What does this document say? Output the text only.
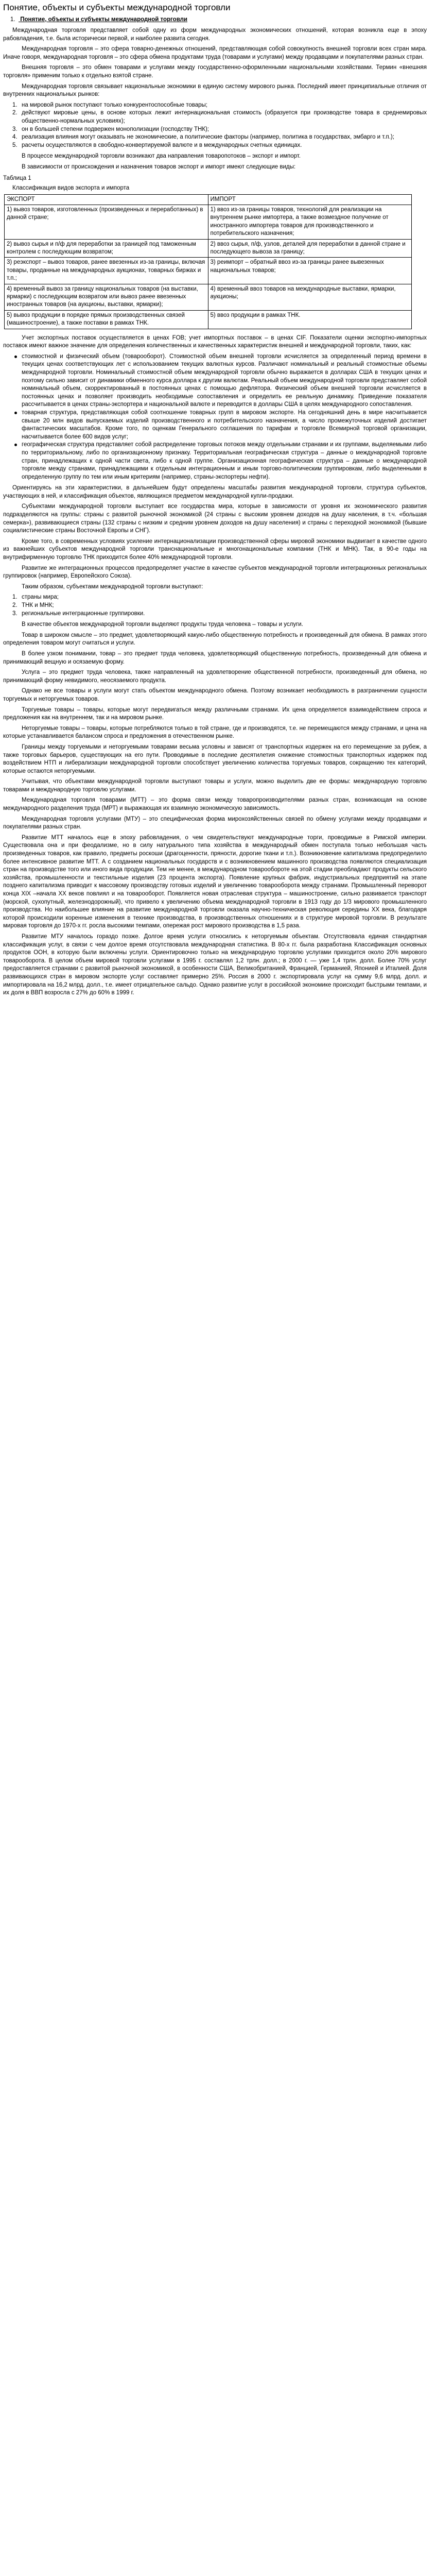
Понятие, объекты и субъекты международной торговли
1. Понятие, объекты и субъекты международной торговли

Международная торговля представляет собой одну из форм международных экономических отношений, которая возникла еще в эпоху рабовладения, т.е. была исторически первой, и наиболее развита сегодня.

Международная торговля – это сфера товарно-денежных отношений, представляющая собой совокупность внешней торговли всех стран мира. Иначе говоря, международная торговля – это сфера обмена продуктами труда (товарами и услугами) между продавцами и покупателями разных стран.

Внешняя торговля – это обмен товарами и услугами между государственно-оформленными национальными хозяйствами. Термин «внешняя торговля» применим только к отдельно взятой стране.

Международная торговля связывает национальные экономики в единую систему мирового рынка. Последний имеет принципиальные отличия от внутренних национальных рынков:

1. на мировой рынок поступают только конкурентоспособные товары;
2. действуют мировые цены, в основе которых лежит интернациональная стоимость (образуется при производстве товара в среднемировых общественно-нормальных условиях);
3. он в большей степени подвержен монополизации (господству ТНК);
4. реализация влияния могут оказывать не экономические, а политические факторы (например, политика в государствах, эмбарго и т.п.);
5. расчеты осуществляются в свободно-конвертируемой валюте и в международных счетных единицах.

В процессе международной торговли возникают два направления товаропотоков – экспорт и импорт.

В зависимости от происхождения и назначения товаров экспорт и импорт имеют следующие виды:

Таблица 1
Классификация видов экспорта и импорта
ЭКСПОРТ	ИМПОРТ
1) вывоз товаров, изготовленных (произведенных и переработанных) в данной стране;	1) ввоз из-за границы товаров, технологий для реализации на внутреннем рынке импортера, а также возмездное получение от иностранного импортера товаров для производственного и потребительского назначения;
2) вывоз сырья и п/ф для переработки за границей под таможенным контролем с последующим возвратом;	2) ввоз сырья, п/ф, узлов, деталей для переработки в данной стране и последующего вывоза за границу;
3) реэкспорт – вывоз товаров, ранее ввезенных из-за границы, включая товары, проданные на международных аукционах, товарных биржах и т.п.;	3) реимпорт – обратный ввоз из-за границы ранее вывезенных национальных товаров;
4) временный вывоз за границу национальных товаров (на выставки, ярмарки) с последующим возвратом или вывоз ранее ввезенных иностранных товаров (на аукционы, выставки, ярмарки);	4) временный ввоз товаров на международные выставки, ярмарки, аукционы;
5) вывоз продукции в порядке прямых производственных связей (машиностроение), а также поставки в рамках ТНК.	5) ввоз продукции в рамках ТНК.

Учет экспортных поставок осуществляется в ценах FOB; учет импортных поставок – в ценах CIF. Показатели оценки экспортно-импортных поставок имеют важное значение для определения количественных и качественных характеристик внешней и международной торговли, таких, как:

стоимостной и физический объем (товарооборот). Стоимостной объем внешней торговли исчисляется за определенный период времени в текущих ценах соответствующих лет с использованием текущих валютных курсов. Различают номинальный и реальный стоимостные объемы международной торговли. Номинальный стоимостной объем международной торговли обычно выражается в долларах США в текущих ценах и поэтому сильно зависит от динамики обменного курса доллара к другим валютам. Реальный объем международной торговли представляет собой номинальный объем, скорректированный в постоянных ценах с помощью дефлятора. Физический объем внешней торговли исчисляется в постоянных ценах и позволяет производить необходимые сопоставления и определить ее реальную динамику. Приведение показателя рассчитывается в ценах страны-экспортера и национальной валюте и переводится в доллары США в целях международного сопоставления.
товарная структура, представляющая собой соотношение товарных групп в мировом экспорте. На сегодняшний день в мире насчитывается свыше 20 млн видов выпускаемых изделий производственного и потребительского назначения, а число промежуточных изделий достигает фантастических масштабов. Кроме того, по оценкам Генерального соглашения по тарифам и торговле Всемирной торговой организации, насчитывается более 600 видов услуг;
географическая структура представляет собой распределение торговых потоков между отдельными странами и их группами, выделяемыми либо по территориальному, либо по организационному признаку. Территориальная географическая структура – данные о международной торговле стран, принадлежащих к одной части света, либо к одной группе. Организационная географическая структура – данные о международной торговле между странами, принадлежащими к отдельным интеграционным и иным торгово-политическим группировкам, либо выделенными в определенную группу по тем или иным критериям (например, страны-экспортеры нефти).

Ориентируясь на эти характеристики, в дальнейшем будут определены масштабы развития международной торговли, структура субъектов, участвующих в ней, и классификация объектов, являющихся предметом международной купли-продажи.

Субъектами международной торговли выступает все государства мира, которые в зависимости от уровня их экономического развития подразделяются на группы: страны с развитой рыночной экономикой (24 страны с высоким уровнем доходов на душу населения, в т.ч. «большая семерка»), развивающиеся страны (132 страны с низким и средним уровнем доходов на душу населения) и страны с переходной экономикой (бывшие социалистические страны Восточной Европы и СНГ).

Кроме того, в современных условиях усиление интернационализации производственной сферы мировой экономики выдвигает в качестве одного из важнейших субъектов международной торговли транснациональные и многонациональные компании (ТНК и МНК). Так, в 90-е годы на внутрифирменную торговлю ТНК приходится более 40% международной торговли.

Развитие же интеграционных процессов предопределяет участие в качестве субъектов международной торговли интеграционных региональных группировок (например, Европейского Союза).

Таким образом, субъектами международной торговли выступают:

1. страны мира;
2. ТНК и МНК;
3. региональные интеграционные группировки.

В качестве объектов международной торговли выделяют продукты труда человека – товары и услуги.

Товар в широком смысле – это предмет, удовлетворяющий какую-либо общественную потребность и произведенный для обмена. В рамках этого определения товаром могут считаться и услуги.

В более узком понимании, товар – это предмет труда человека, удовлетворяющий общественную потребность, произведенный для обмена и принимающий вещную и осязаемую форму.

Услуга – это предмет труда человека, также направленный на удовлетворение общественной потребности, произведенный для обмена, но принимающий форму невидимого, неосязаемого продукта.

Однако не все товары и услуги могут стать объектом международного обмена. Поэтому возникает необходимость в разграничении сущности торгуемых и неторгуемых товаров.

Торгуемые товары – товары, которые могут передвигаться между различными странами. Их цена определяется взаимодействием спроса и предложения как на внутреннем, так и на мировом рынке.

Неторгуемые товары – товары, которые потребляются только в той стране, где и производятся, т.е. не перемещаются между странами, и цена на которые устанавливается балансом спроса и предложения в отечественном рынке.

Границы между торгуемыми и неторгуемыми товарами весьма условны и зависят от транспортных издержек на его перемещение за рубеж, а также торговых барьеров, существующих на его пути. Проводимые в последние десятилетия снижение стоимостных транспортных издержек под воздействием НТП и либерализации международной торговли способствует увеличению количества торгуемых товаров, сокращению тех категорий, которые остаются неторгуемыми.

Учитывая, что объектами международной торговли выступают товары и услуги, можно выделить две ее формы: международную торговлю товарами и международную торговлю услугами.

Международная торговля товарами (МТТ) – это форма связи между товаропроизводителями разных стран, возникающая на основе международного разделения труда (МРТ) и выражающая их взаимную экономическую зависимость.

Международная торговля услугами (МТУ) – это специфическая форма мирохозяйственных связей по обмену услугами между продавцами и покупателями разных стран.

Развитие МТТ началось еще в эпоху рабовладения, о чем свидетельствуют международные торги, проводимые в Римской империи. Существовала она и при феодализме, но в силу натурального типа хозяйства в международный обмен поступала только небольшая часть произведенных товаров, как правило, предметы роскоши (драгоценности, пряности, дорогие ткани и т.п.). Возникновение капитализма предопределило более интенсивное развитие МТТ. А с созданием национальных государств и с возникновением машинного производства появляются специализация стран на производстве того или иного вида продукции. Тем не менее, в международном товарообороте на этой стадии преобладают продукты сельского хозяйства, промышленности и текстильные изделия (23 процента экспорта). Появление крупных фабрик, индустриальных предприятий на этапе позднего капитализма приводит к массовому производству готовых изделий и увеличению товарооборота между странами. Промышленный переворот конца XIX –начала XX веков повлиял и на товарооборот. Появляется новая отраслевая структура – машиностроение, сильно развивается транспорт (морской, сухопутный, железнодорожный), что привело к увеличению объема международной торговли в 1913 году до 1/3 мирового промышленного производства. Но наибольшее влияние на развитие международной торговли оказала научно-техническая революция середины XX века, благодаря которой происходили коренные изменения в технике производства, в производственных отношениях и в структуре мировой торговли. В результате мировая торговля до 1970-х гг. росла высокими темпами, опережая рост мирового производства в 1,5 раза.

Развитие МТУ началось гораздо позже. Долгое время услуги относились к неторгуемым объектам. Отсутствовала единая стандартная классификация услуг, в связи с чем долгое время отсутствовала международная статистика. В 80-х гг. была разработана Классификация основных продуктов ООН, в которую были включены услуги. Ориентировочно только на международную торговлю услугами приходится около 20% мирового товарооборота. В целом объем мировой торговли услугами в 1995 г. составлял 1,2 трлн. долл.; в 2000 г. — уже 1,4 трлн. долл. Более 70% услуг предоставляется странами с развитой рыночной экономикой, в особенности США, Великобританией, Францией, Германией, Японией и Италией. Доля развивающихся стран в мировом экспорте услуг составляет примерно 25%. Россия в 2000 г. экспортировала услуг на сумму 9,6 млрд. долл. и импортировала на 16,2 млрд. долл., т.е. имеет отрицательное сальдо. Однако развитие услуг в российской экономике происходит быстрыми темпами, и их доля в ВВП возросла с 27% до 60% в 1999 г.
